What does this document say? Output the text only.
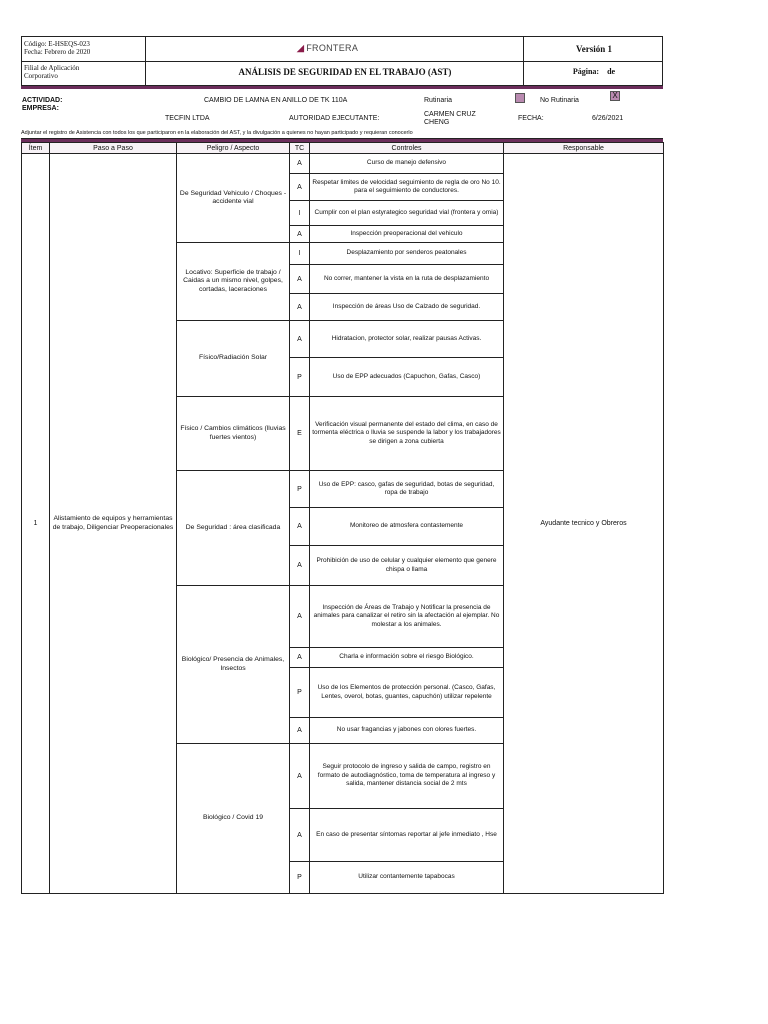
Código: E-HSEQS-023
Fecha: Febrero de 2020
Filial de Aplicación
Corporativo
◢ FRONTERA
ANÁLISIS DE SEGURIDAD EN EL TRABAJO (AST)
Versión 1
Página: de
ACTIVIDAD:	CAMBIO DE LAMNA EN ANILLO DE TK 110A	Rutinaria	No Rutinaria
X
EMPRESA:
TECFIN LTDA	AUTORIDAD EJECUTANTE:
CARMEN CRUZ
CHENG
FECHA:	6/26/2021
Adjuntar el registro de Asistencia con todos los que participaron en la elaboración del AST, y la divulgación a quienes no hayan participado y requieran conocerlo
Ítem	Paso a Paso	Peligro / Aspecto	TC	Controles	Responsable
1	Alistamiento de equipos y herramientas de trabajo, Diligenciar Preoperacionales	De Seguridad Vehiculo / Choques - accidente vial	A	Curso de manejo defensivo	Ayudante tecnico y Obreros
			A	Respetar limites de velocidad seguimiento de regla de oro No 10. para el seguimiento de conductores.	
			I	Cumplir con el plan estyrategico seguridad vial (frontera y omia)	
			A	Inspección preoperacional del vehiculo	
		Locativo: Superficie de trabajo / Caidas a un mismo nivel, golpes, cortadas, laceraciones	I	Desplazamiento por senderos peatonales	
			A	No correr, mantener la vista en la ruta de desplazamiento	
			A	Inspección de áreas Uso de Calzado de seguridad.	
		Físico/Radiación Solar	A	Hidratacion, protector solar, realizar pausas Activas.	
			P	Uso de EPP adecuados (Capuchon, Gafas, Casco)	
		Físico / Cambios climáticos (lluvias fuertes vientos)	E	Verificación visual permanente del estado del clima, en caso de tormenta eléctrica o lluvia se suspende la labor y los trabajadores se dirigen a zona cubierta	
		De Seguridad : área clasificada	P	Uso de EPP: casco, gafas de seguridad, botas de seguridad, ropa de trabajo	
			A	Monitoreo de atmosfera contastemente	
			A	Prohibición de uso de celular y cualquier elemento que genere chispa o llama	
		Biológico/ Presencia de Animales, Insectos	A	Inspección de Áreas de Trabajo y Notificar la presencia de animales para canalizar el retiro sin la afectación al ejemplar. No molestar a los animales.	
			A	Charla e información sobre el riesgo Biológico.	
			P	Uso de los Elementos de protección personal. (Casco, Gafas, Lentes, overol, botas, guantes, capuchón) utilizar repelente	
			A	No usar fragancias y jabones con olores fuertes.	
		Biológico / Covid 19	A	Seguir protocolo de ingreso y salida de campo, registro en formato de autodiagnóstico, toma de temperatura al ingreso y salida, mantener distancia social de 2 mts	
			A	En caso de presentar síntomas reportar al jefe inmediato , Hse	
			P	Utilizar contantemente tapabocas	
